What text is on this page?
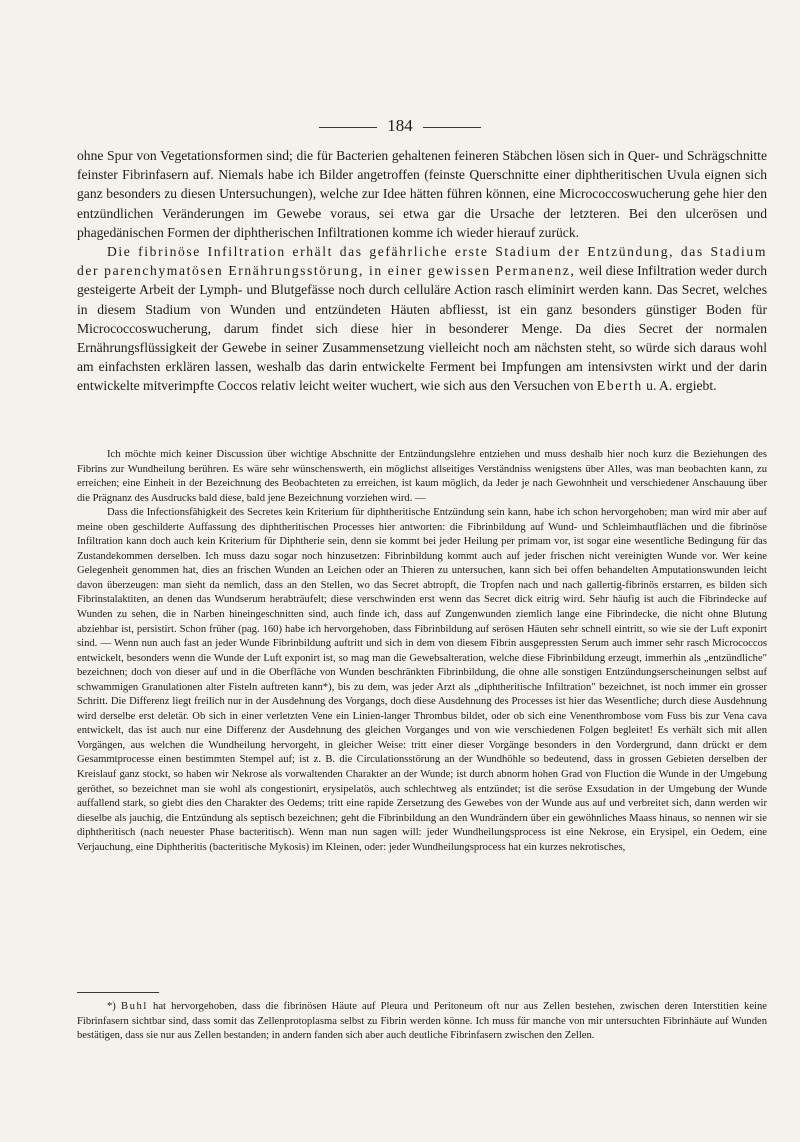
184

ohne Spur von Vegetationsformen sind; die für Bacterien gehaltenen feineren Stäbchen lösen sich in Quer- und Schrägschnitte feinster Fibrinfasern auf. Niemals habe ich Bilder angetroffen (feinste Querschnitte einer diphtheritischen Uvula eignen sich ganz besonders zu diesen Untersuchungen), welche zur Idee hätten führen können, eine Micrococcoswucherung gehe hier den entzündlichen Veränderungen im Gewebe voraus, sei etwa gar die Ursache der letzteren. Bei den ulcerösen und phagedänischen Formen der diphtherischen Infiltrationen komme ich wieder hierauf zurück.

Die fibrinöse Infiltration erhält das gefährliche erste Stadium der Entzündung, das Stadium der parenchymatösen Ernährungsstörung, in einer gewissen Permanenz, weil diese Infiltration weder durch gesteigerte Arbeit der Lymph- und Blutgefässe noch durch celluläre Action rasch eliminirt werden kann. Das Secret, welches in diesem Stadium von Wunden und entzündeten Häuten abfliesst, ist ein ganz besonders günstiger Boden für Micrococcoswucherung, darum findet sich diese hier in besonderer Menge. Da dies Secret der normalen Ernährungsflüssigkeit der Gewebe in seiner Zusammensetzung vielleicht noch am nächsten steht, so würde sich daraus wohl am einfachsten erklären lassen, weshalb das darin entwickelte Ferment bei Impfungen am intensivsten wirkt und der darin entwickelte mitverimpfte Coccos relativ leicht weiter wuchert, wie sich aus den Versuchen von Eberth u. A. ergiebt.

Ich möchte mich keiner Discussion über wichtige Abschnitte der Entzündungslehre entziehen und muss deshalb hier noch kurz die Beziehungen des Fibrins zur Wundheilung berühren. Es wäre sehr wünschenswerth, ein möglichst allseitiges Verständniss wenigstens über Alles, was man beobachten kann, zu erreichen; eine Einheit in der Bezeichnung des Beobachteten zu erreichen, ist kaum möglich, da Jeder je nach Gewohnheit und verschiedener Anschauung über die Prägnanz des Ausdrucks bald diese, bald jene Bezeichnung vorziehen wird. —

Dass die Infectionsfähigkeit des Secretes kein Kriterium für diphtheritische Entzündung sein kann, habe ich schon hervorgehoben; man wird mir aber auf meine oben geschilderte Auffassung des diphtheritischen Processes hier antworten: die Fibrinbildung auf Wund- und Schleimhautflächen und die fibrinöse Infiltration kann doch auch kein Kriterium für Diphtherie sein, denn sie kommt bei jeder Heilung per primam vor, ist sogar eine wesentliche Bedingung für das Zustandekommen derselben. Ich muss dazu sogar noch hinzusetzen: Fibrinbildung kommt auch auf jeder frischen nicht vereinigten Wunde vor. Wer keine Gelegenheit genommen hat, dies an frischen Wunden an Leichen oder an Thieren zu untersuchen, kann sich bei offen behandelten Amputationswunden leicht davon überzeugen: man sieht da nemlich, dass an den Stellen, wo das Secret abtropft, die Tropfen nach und nach gallertig-fibrinös erstarren, es bilden sich Fibrinstalaktiten, an denen das Wundserum herabträufelt; diese verschwinden erst wenn das Secret dick eitrig wird. Sehr häufig ist auch die Fibrindecke auf Wunden zu sehen, die in Narben hineingeschnitten sind, auch finde ich, dass auf Zungenwunden ziemlich lange eine Fibrindecke, die nicht ohne Blutung abziehbar ist, persistirt. Schon früher (pag. 160) habe ich hervorgehoben, dass Fibrinbildung auf serösen Häuten sehr schnell eintritt, so wie sie der Luft exponirt sind. — Wenn nun auch fast an jeder Wunde Fibrinbildung auftritt und sich in dem von diesem Fibrin ausgepressten Serum auch immer sehr rasch Micrococcos entwickelt, besonders wenn die Wunde der Luft exponirt ist, so mag man die Gewebsalteration, welche diese Fibrinbildung erzeugt, immerhin als „entzündliche" bezeichnen; doch von dieser auf und in die Oberfläche von Wunden beschränkten Fibrinbildung, die ohne alle sonstigen Entzündungserscheinungen selbst auf schwammigen Granulationen alter Fisteln auftreten kann*), bis zu dem, was jeder Arzt als „diphtheritische Infiltration" bezeichnet, ist noch immer ein grosser Schritt. Die Differenz liegt freilich nur in der Ausdehnung des Vorgangs, doch diese Ausdehnung des Processes ist hier das Wesentliche; durch diese Ausdehnung wird derselbe erst deletär. Ob sich in einer verletzten Vene ein Linien-langer Thrombus bildet, oder ob sich eine Venenthrombose vom Fuss bis zur Vena cava entwickelt, das ist auch nur eine Differenz der Ausdehnung des gleichen Vorganges und von wie verschiedenen Folgen begleitet! Es verhält sich mit allen Vorgängen, aus welchen die Wundheilung hervorgeht, in gleicher Weise: tritt einer dieser Vorgänge besonders in den Vordergrund, dann drückt er dem Gesammtprocesse einen bestimmten Stempel auf; ist z. B. die Circulationsstörung an der Wundhöhle so bedeutend, dass in grossen Gebieten derselben der Kreislauf ganz stockt, so haben wir Nekrose als vorwaltenden Charakter an der Wunde; ist durch abnorm hohen Grad von Fluction die Wunde in der Umgebung geröthet, so bezeichnet man sie wohl als congestionirt, erysipelatös, auch schlechtweg als entzündet; ist die seröse Exsudation in der Umgebung der Wunde auffallend stark, so giebt dies den Charakter des Oedems; tritt eine rapide Zersetzung des Gewebes von der Wunde aus auf und verbreitet sich, dann werden wir dieselbe als jauchig, die Entzündung als septisch bezeichnen; geht die Fibrinbildung an den Wundrändern über ein gewöhnliches Maass hinaus, so nennen wir sie diphtheritisch (nach neuester Phase bacteritisch). Wenn man nun sagen will: jeder Wundheilungsprocess ist eine Nekrose, ein Erysipel, ein Oedem, eine Verjauchung, eine Diphtheritis (bacteritische Mykosis) im Kleinen, oder: jeder Wundheilungsprocess hat ein kurzes nekrotisches,

*) Buhl hat hervorgehoben, dass die fibrinösen Häute auf Pleura und Peritoneum oft nur aus Zellen bestehen, zwischen deren Interstitien keine Fibrinfasern sichtbar sind, dass somit das Zellenprotoplasma selbst zu Fibrin werden könne. Ich muss für manche von mir untersuchten Fibrinhäute auf Wunden bestätigen, dass sie nur aus Zellen bestanden; in andern fanden sich aber auch deutliche Fibrinfasern zwischen den Zellen.
